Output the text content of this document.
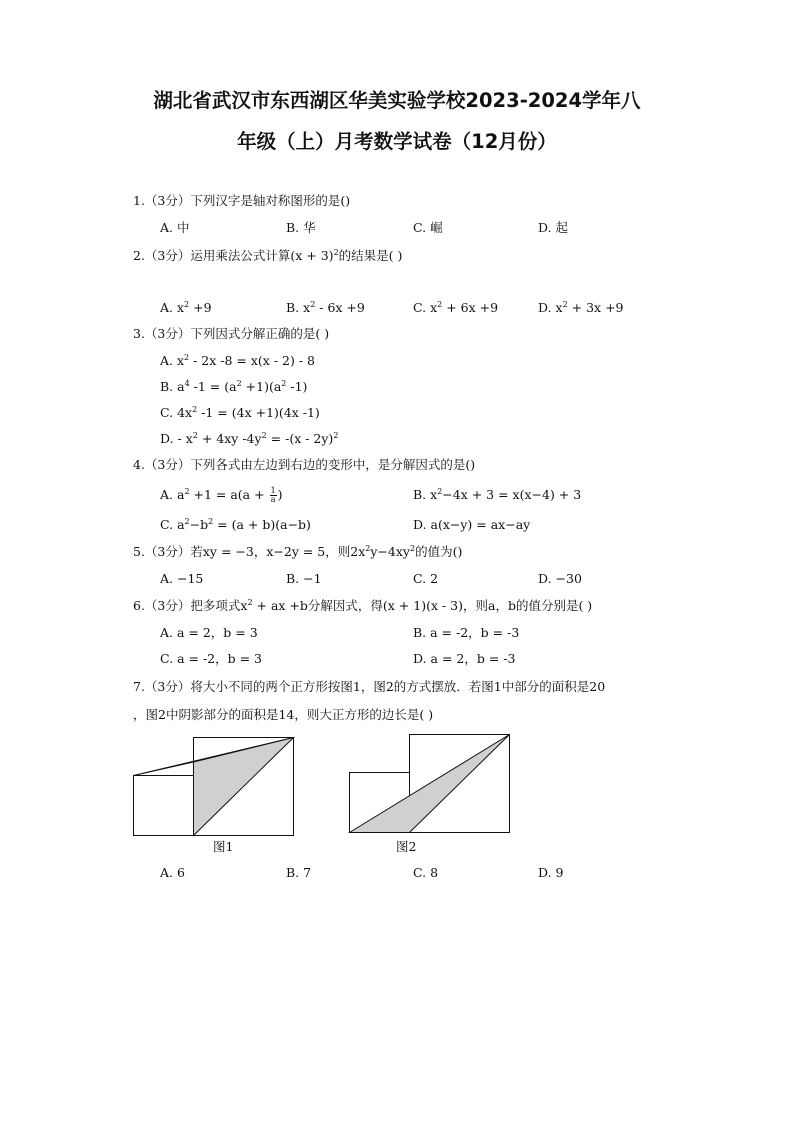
湖北省武汉市东西湖区华美实验学校2023-2024学年八
年级（上）月考数学试卷（12月份）
1.（3分）下列汉字是轴对称图形的是()
A. 中	B. 华	C. 崛	D. 起
2.（3分）运用乘法公式计算$(x + 3)^2$的结果是( )
A. $x^2 +9$	B. $x^2 - 6x +9$	C. $x^2 + 6x +9$	D. $x^2 + 3x +9$
3.（3分）下列因式分解正确的是( )
A. $x^2 - 2x$ -8 = x(x - 2) - 8
B. $a^4$ $-1 = (a^2 +1)(a^2$ -1)
C. $4x^2$ -1 = (4x +1)(4x -1)
D. - $x^2 + 4xy$ $-4y^2 = -(x - 2y)^2$
4.（3分）下列各式由左边到右边的变形中，是分解因式的是()
A. $a^2 +1 = a(a + \frac{1}{a}$ )	B. $x^2-4x + 3 = x(x-4) + 3$
C. $a^2-b^2 = (a + b)(a-b)$	D. a(x−y) = ax−ay
5.（3分）若xy = −3，x−2y = 5，则$2x^2y-4xy^2$的值为()
A. −15	B. −1	C. 2	D. −30
6.（3分）把多项式$x^2$ + ax +b分解因式，得(x + 1)(x - 3)，则a，b的值分别是( )
A. a = 2，b = 3	B. a = -2，b = -3
C. a = -2，b = 3	D. a = 2，b = -3
7.（3分）将大小不同的两个正方形按图1，图2的方式摆放．若图1中部分的面积是20
，图2中阴影部分的面积是14，则大正方形的边长是( )
图1	图2
A. 6	B. 7	C. 8	D. 9
